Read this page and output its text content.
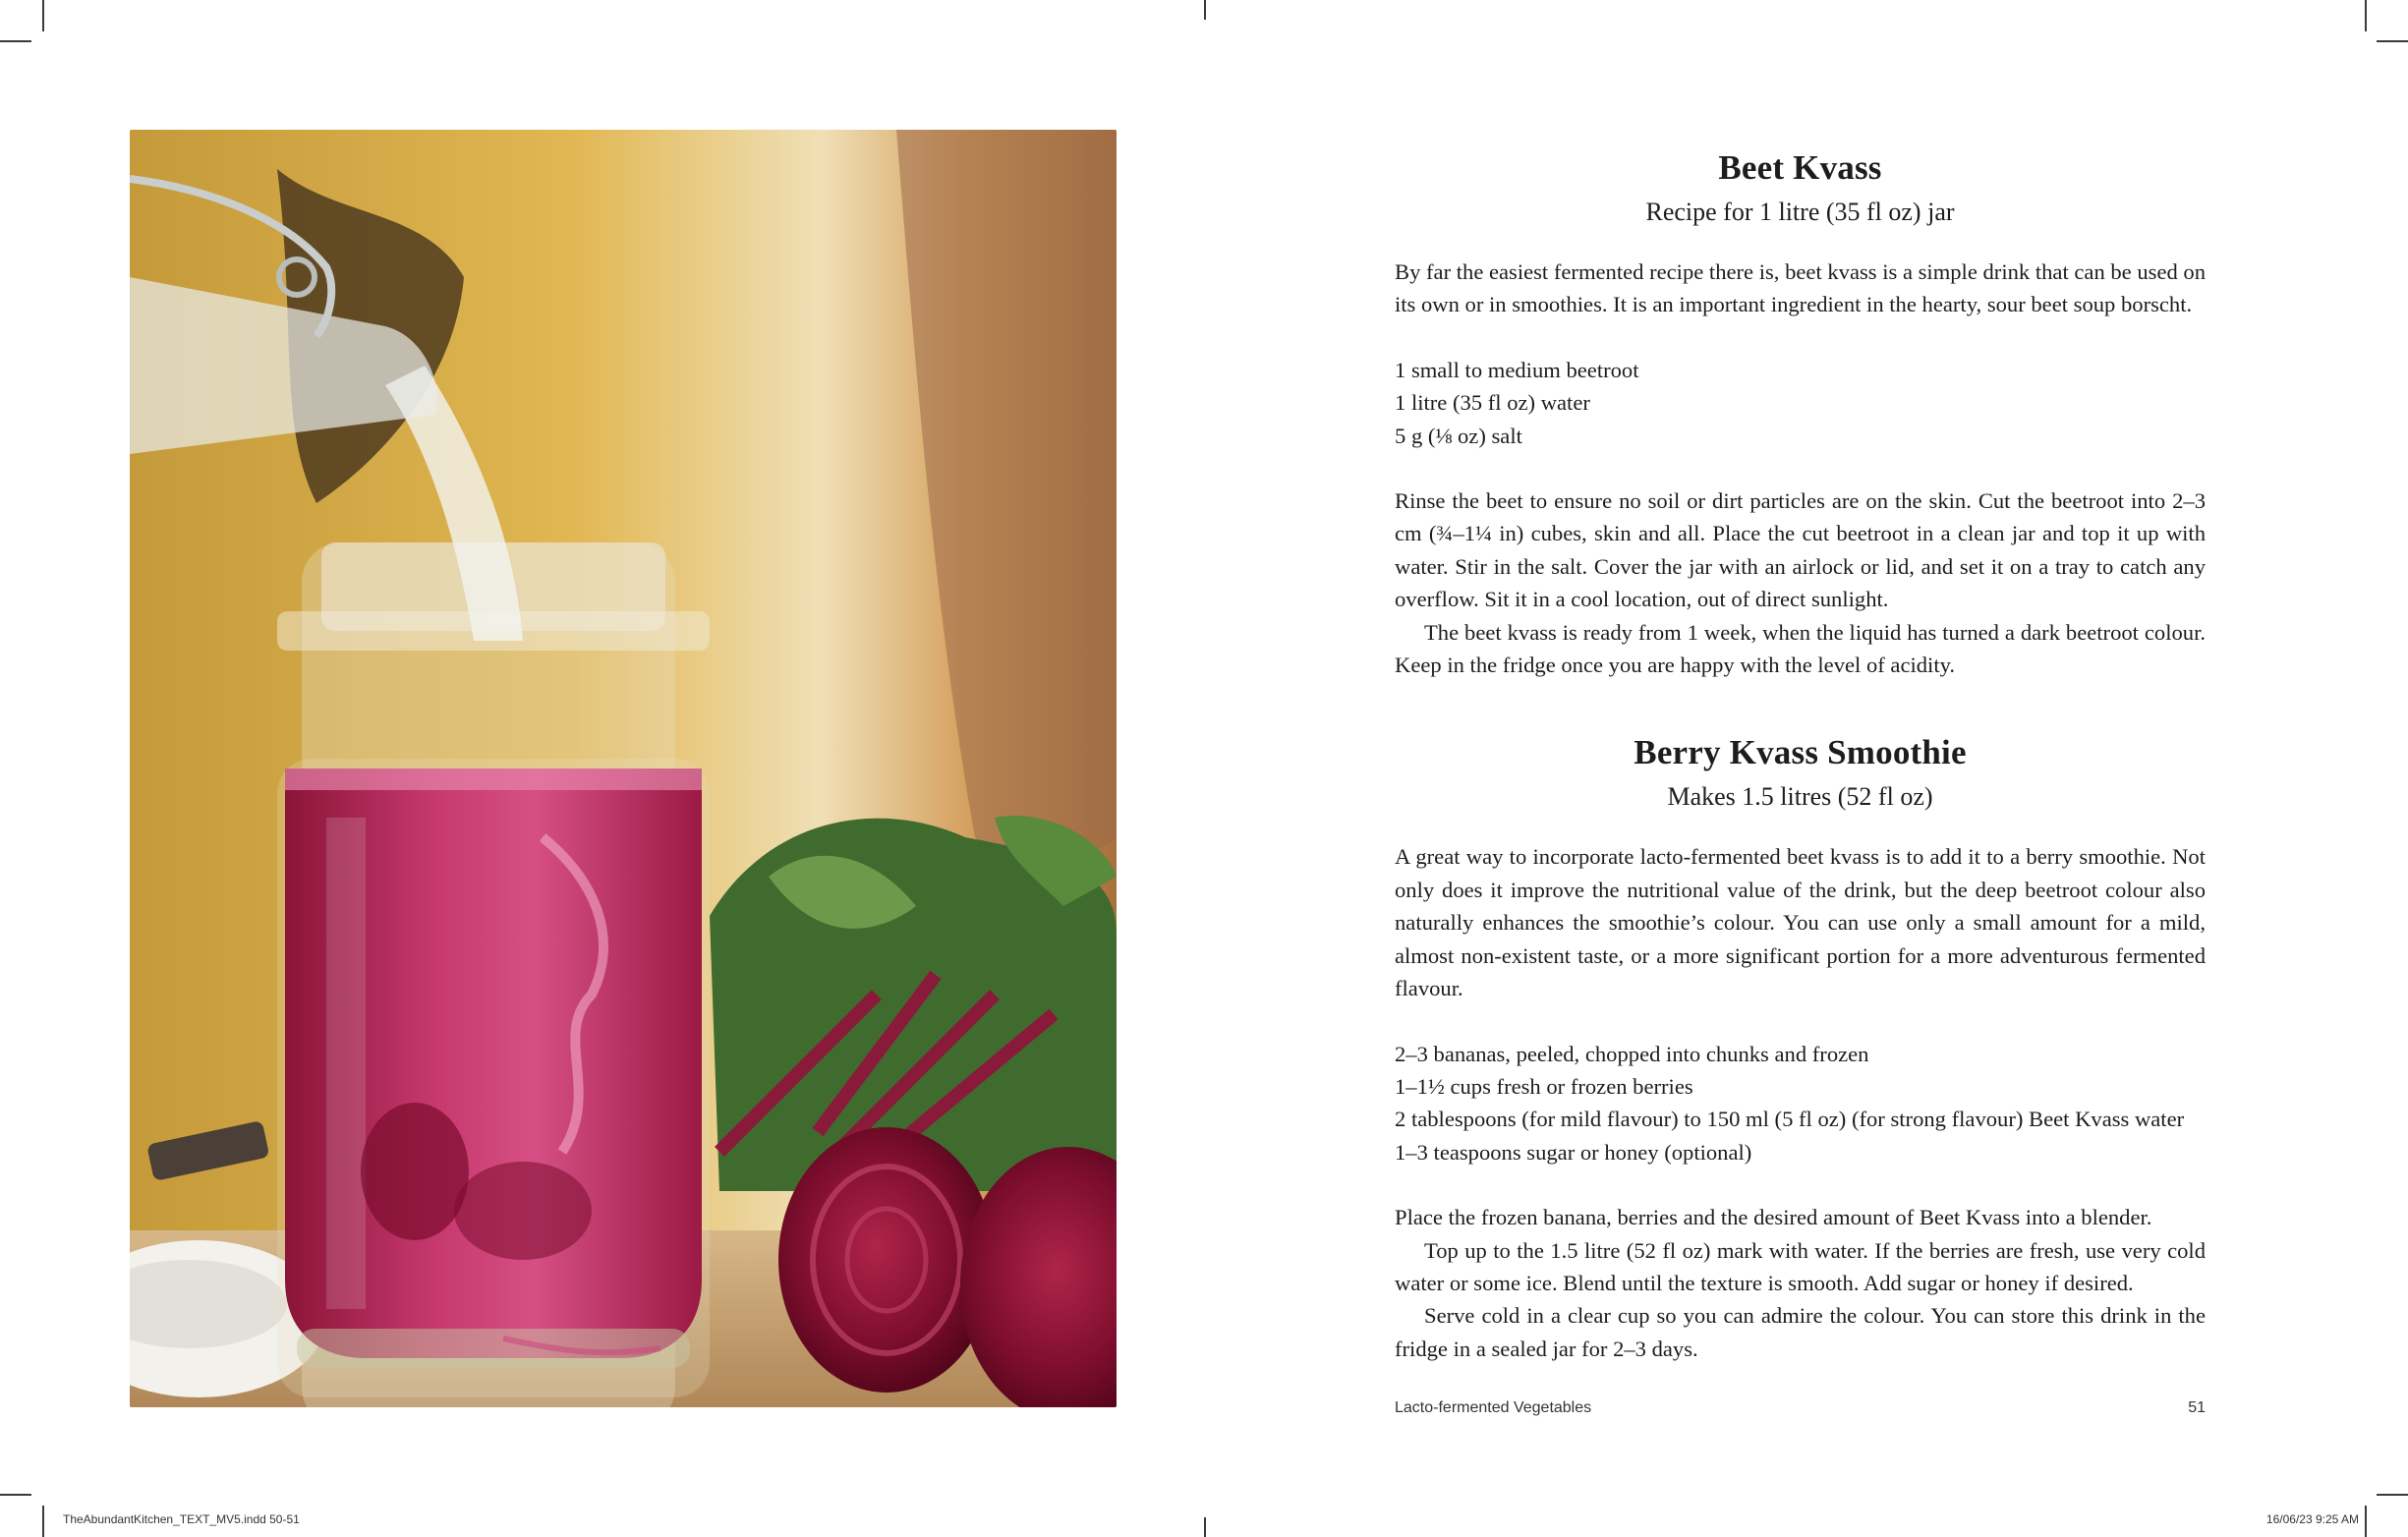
Beet Kvass

Recipe for 1 litre (35 fl oz) jar

By far the easiest fermented recipe there is, beet kvass is a simple drink that can be used on its own or in smoothies. It is an important ingredient in the hearty, sour beet soup borscht.

1 small to medium beetroot
1 litre (35 fl oz) water
5 g (⅛ oz) salt

Rinse the beet to ensure no soil or dirt particles are on the skin. Cut the beetroot into 2–3 cm (¾–1¼ in) cubes, skin and all. Place the cut beetroot in a clean jar and top it up with water. Stir in the salt. Cover the jar with an airlock or lid, and set it on a tray to catch any overflow. Sit it in a cool location, out of direct sunlight.

The beet kvass is ready from 1 week, when the liquid has turned a dark beetroot colour. Keep in the fridge once you are happy with the level of acidity.

Berry Kvass Smoothie

Makes 1.5 litres (52 fl oz)

A great way to incorporate lacto-fermented beet kvass is to add it to a berry smoothie. Not only does it improve the nutritional value of the drink, but the deep beetroot colour also naturally enhances the smoothie’s colour. You can use only a small amount for a mild, almost non-existent taste, or a more significant portion for a more adventurous fermented flavour.

2–3 bananas, peeled, chopped into chunks and frozen
1–1½ cups fresh or frozen berries
2 tablespoons (for mild flavour) to 150 ml (5 fl oz) (for strong flavour) Beet Kvass water
1–3 teaspoons sugar or honey (optional)

Place the frozen banana, berries and the desired amount of Beet Kvass into a blender.

Top up to the 1.5 litre (52 fl oz) mark with water. If the berries are fresh, use very cold water or some ice. Blend until the texture is smooth. Add sugar or honey if desired.

Serve cold in a clear cup so you can admire the colour. You can store this drink in the fridge in a sealed jar for 2–3 days.

Lacto-fermented Vegetables	51
TheAbundantKitchen_TEXT_MV5.indd 50-51	16/06/23 9:25 AM
